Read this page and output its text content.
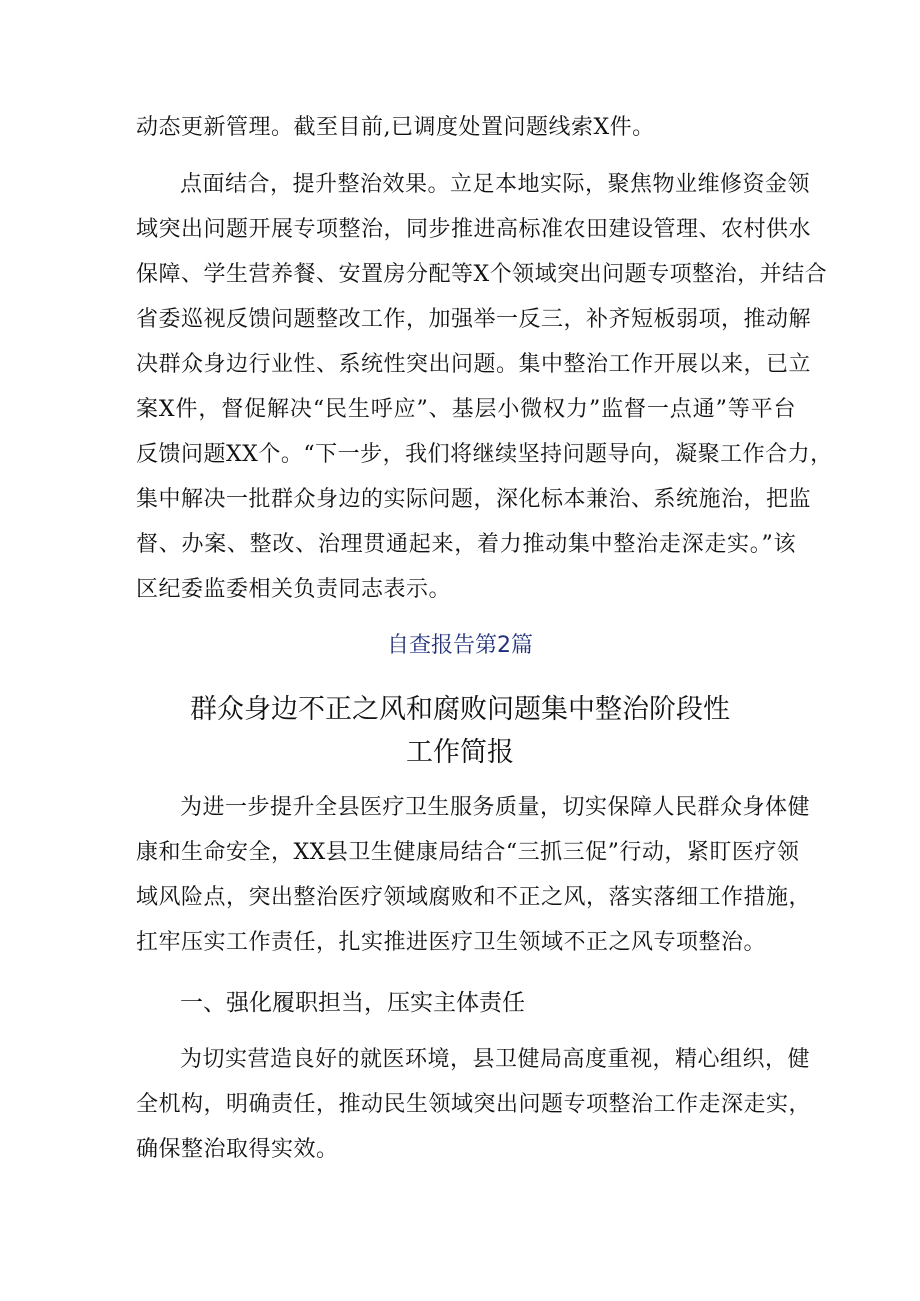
动态更新管理。截至目前,已调度处置问题线索X件。
点面结合，提升整治效果。立足本地实际，聚焦物业维修资金领
域突出问题开展专项整治，同步推进高标准农田建设管理、农村供水
保障、学生营养餐、安置房分配等X个领域突出问题专项整治，并结合
省委巡视反馈问题整改工作，加强举一反三，补齐短板弱项，推动解
决群众身边行业性、系统性突出问题。集中整治工作开展以来，已立
案X件，督促解决“民生呼应”、基层小微权力”监督一点通”等平台
反馈问题XX个。“下一步，我们将继续坚持问题导向，凝聚工作合力，
集中解决一批群众身边的实际问题，深化标本兼治、系统施治，把监
督、办案、整改、治理贯通起来，着力推动集中整治走深走实。”该
区纪委监委相关负责同志表示。
自查报告第2篇
群众身边不正之风和腐败问题集中整治阶段性
工作简报
为进一步提升全县医疗卫生服务质量，切实保障人民群众身体健
康和生命安全，XX县卫生健康局结合“三抓三促”行动，紧盯医疗领
域风险点，突出整治医疗领域腐败和不正之风，落实落细工作措施，
扛牢压实工作责任，扎实推进医疗卫生领域不正之风专项整治。
一、强化履职担当，压实主体责任
为切实营造良好的就医环境，县卫健局高度重视，精心组织，健
全机构，明确责任，推动民生领域突出问题专项整治工作走深走实，
确保整治取得实效。
